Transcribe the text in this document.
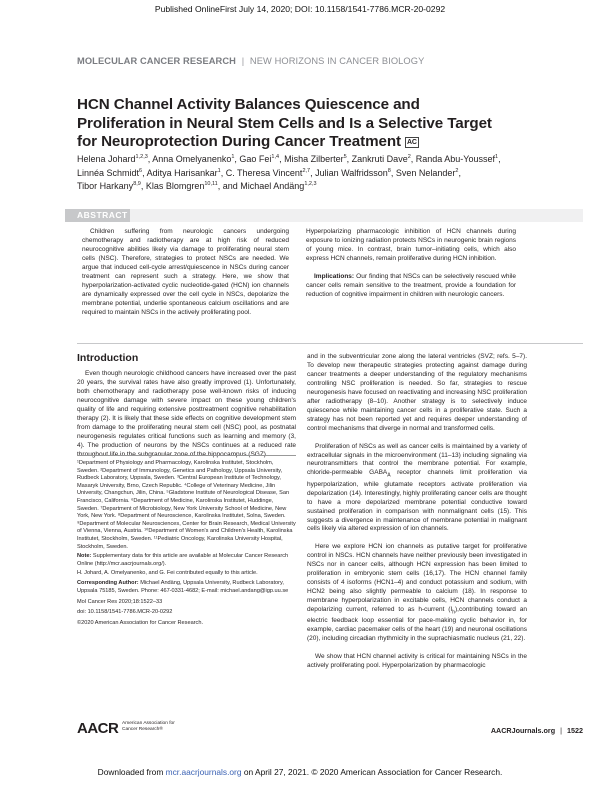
Published OnlineFirst July 14, 2020; DOI: 10.1158/1541-7786.MCR-20-0292
MOLECULAR CANCER RESEARCH | NEW HORIZONS IN CANCER BIOLOGY
HCN Channel Activity Balances Quiescence and Proliferation in Neural Stem Cells and Is a Selective Target for Neuroprotection During Cancer Treatment AC
Helena Johard$^{1,2,3}$, Anna Omelyanenko$^1$, Gao Fei$^{1,4}$, Misha Zilberter$^5$, Zankruti Dave$^2$, Randa Abu-Youssef$^1$,
Linnéa Schmidt$^6$, Aditya Harisankar$^1$, C. Theresa Vincent$^{2,7}$, Julian Walfridsson$^8$, Sven Nelander$^2$,
Tibor Harkany$^{8,9}$, Klas Blomgren$^{10,11}$, and Michael Andäng$^{1,2,3}$
ABSTRACT

Children suffering from neurologic cancers undergoing chemotherapy and radiotherapy are at high risk of reduced neurocognitive abilities likely via damage to proliferating neural stem cells (NSC). Therefore, strategies to protect NSCs are needed. We argue that induced cell-cycle arrest/quiescence in NSCs during cancer treatment can represent such a strategy. Here, we show that hyperpolarization-activated cyclic nucleotide-gated (HCN) ion channels are dynamically expressed over the cell cycle in NSCs, depolarize the membrane potential, underlie spontaneous calcium oscillations and are required to maintain NSCs in the actively proliferating pool.

Hyperpolarizing pharmacologic inhibition of HCN channels during exposure to ionizing radiation protects NSCs in neurogenic brain regions of young mice. In contrast, brain tumor–initiating cells, which also express HCN channels, remain proliferative during HCN inhibition.

Implications: Our finding that NSCs can be selectively rescued while cancer cells remain sensitive to the treatment, provide a foundation for reduction of cognitive impairment in children with neurologic cancers.

Introduction

Even though neurologic childhood cancers have increased over the past 20 years, the survival rates have also greatly improved (1). Unfortunately, both chemotherapy and radiotherapy pose well-known risks of inducing neurocognitive damage with severe impact on these young children's quality of life and requiring extensive posttreatment cognitive rehabilitation therapy (2). It is likely that these side effects on cognitive development stem from damage to the proliferating neural stem cell (NSC) pool, as postnatal neurogenesis regulates critical functions such as learning and memory (3, 4). The production of neurons by the NSCs continues at a reduced rate throughout life in the subgranular zone of the hippocampus (SGZ)

¹Department of Physiology and Pharmacology, Karolinska Institutet, Stockholm, Sweden. ²Department of Immunology, Genetics and Pathology, Uppsala University, Rudbeck Laboratory, Uppsala, Sweden. ³Central European Institute of Technology, Masaryk University, Brno, Czech Republic. ⁴College of Veterinary Medicine, Jilin University, Changchun, Jilin, China. ⁵Gladstone Institute of Neurological Disease, San Francisco, California. ⁶Department of Medicine, Karolinska Institutet, Huddinge, Sweden. ⁷Department of Microbiology, New York University School of Medicine, New York, New York. ⁸Department of Neuroscience, Karolinska Institutet, Solna, Sweden. ⁹Department of Molecular Neurosciences, Center for Brain Research, Medical University of Vienna, Vienna, Austria. ¹⁰Department of Women's and Children's Health, Karolinska Institutet, Stockholm, Sweden. ¹¹Pediatric Oncology, Karolinska University Hospital, Stockholm, Sweden.

Note: Supplementary data for this article are available at Molecular Cancer Research Online (http://mcr.aacrjournals.org/).

H. Johard, A. Omelyanenko, and G. Fei contributed equally to this article.

Corresponding Author: Michael Andäng, Uppsala University, Rudbeck Laboratory, Uppsala 75185, Sweden. Phone: 467-0331-4682; E-mail: michael.andang@igp.uu.se

Mol Cancer Res 2020;18:1522–33

doi: 10.1158/1541-7786.MCR-20-0292

©2020 American Association for Cancer Research.

and in the subventricular zone along the lateral ventricles (SVZ; refs. 5–7). To develop new therapeutic strategies protecting against damage during cancer treatments a deeper understanding of the regulatory mechanisms controlling NSC proliferation is needed. So far, strategies to rescue neurogenesis have focused on reactivating and increasing NSC proliferation after radiotherapy (8–10). Another strategy is to selectively induce quiescence while maintaining cancer cells in a proliferative state. Such a strategy has not been reported yet and requires deeper understanding of control mechanisms that diverge in normal and transformed cells.

Proliferation of NSCs as well as cancer cells is maintained by a variety of extracellular signals in the microenvironment (11–13) including signaling via neurotransmitters that control the membrane potential. For example, chloride-permeable $GABA_A$ receptor channels limit proliferation via hyperpolarization, while glutamate receptors activate proliferation via depolarization (14). Interestingly, highly proliferating cancer cells are thought to have a more depolarized membrane potential conductive toward sustained proliferation in comparison with nonmalignant cells (15). This suggests a divergence in maintenance of membrane potential in malignant cells likely via altered expression of ion channels.

Here we explore HCN ion channels as putative target for proliferative control in NSCs. HCN channels have neither previously been investigated in NSCs nor in cancer cells, although HCN expression has been limited to proliferation in embryonic stem cells (16,17). The HCN channel family consists of 4 isoforms (HCN1–4) and conduct potassium and sodium, with HCN2 being also slightly permeable to calcium (18). In response to membrane hyperpolarization in excitable cells, HCN channels conduct a depolarizing current, referred to as h-current $(I_h),contributing$ toward an electric feedback loop essential for pace-making cyclic behavior in, for example, cardiac pacemaker cells of the heart (19) and neuronal oscillations (20), including circadian rhythmicity in the suprachiasmatic nucleus (21, 22).

We show that HCN channel activity is critical for maintaining NSCs in the actively proliferating pool. Hyperpolarization by pharmacologic

AACR American Association for Cancer Research®	AACRJournals.org | 1522
Downloaded from mcr.aacrjournals.org on April 27, 2021. © 2020 American Association for Cancer Research.
